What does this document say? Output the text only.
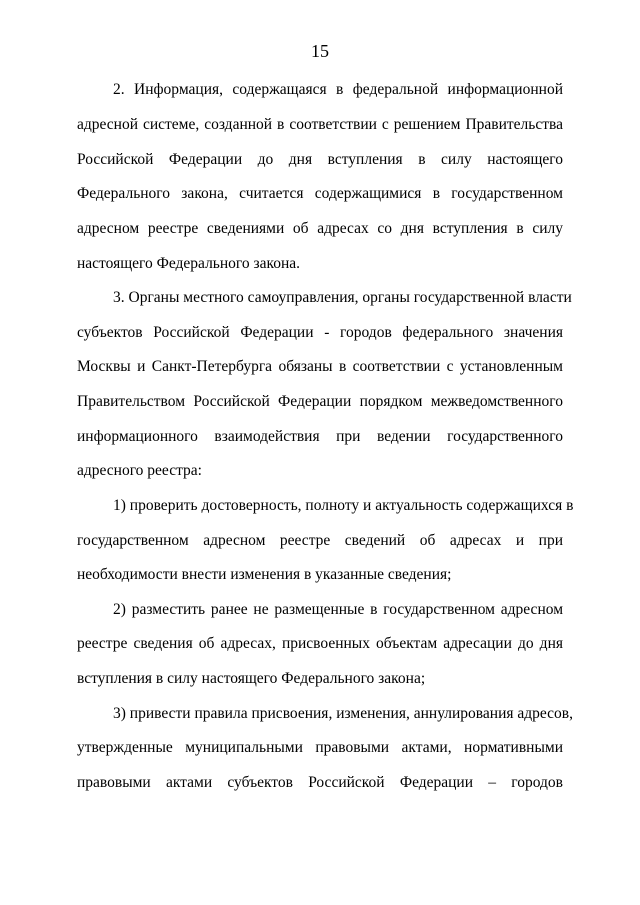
15
2. Информация, содержащаяся в федеральной информационной
адресной системе, созданной в соответствии с решением Правительства
Российской Федерации до дня вступления в силу настоящего
Федерального закона, считается содержащимися в государственном
адресном реестре сведениями об адресах со дня вступления в силу
настоящего Федерального закона.
3. Органы местного самоуправления, органы государственной власти
субъектов Российской Федерации - городов федерального значения
Москвы и Санкт-Петербурга обязаны в соответствии с установленным
Правительством Российской Федерации порядком межведомственного
информационного взаимодействия при ведении государственного
адресного реестра:
1) проверить достоверность, полноту и актуальность содержащихся в
государственном адресном реестре сведений об адресах и при
необходимости внести изменения в указанные сведения;
2) разместить ранее не размещенные в государственном адресном
реестре сведения об адресах, присвоенных объектам адресации до дня
вступления в силу настоящего Федерального закона;
3) привести правила присвоения, изменения, аннулирования адресов,
утвержденные муниципальными правовыми актами, нормативными
правовыми актами субъектов Российской Федерации – городов
